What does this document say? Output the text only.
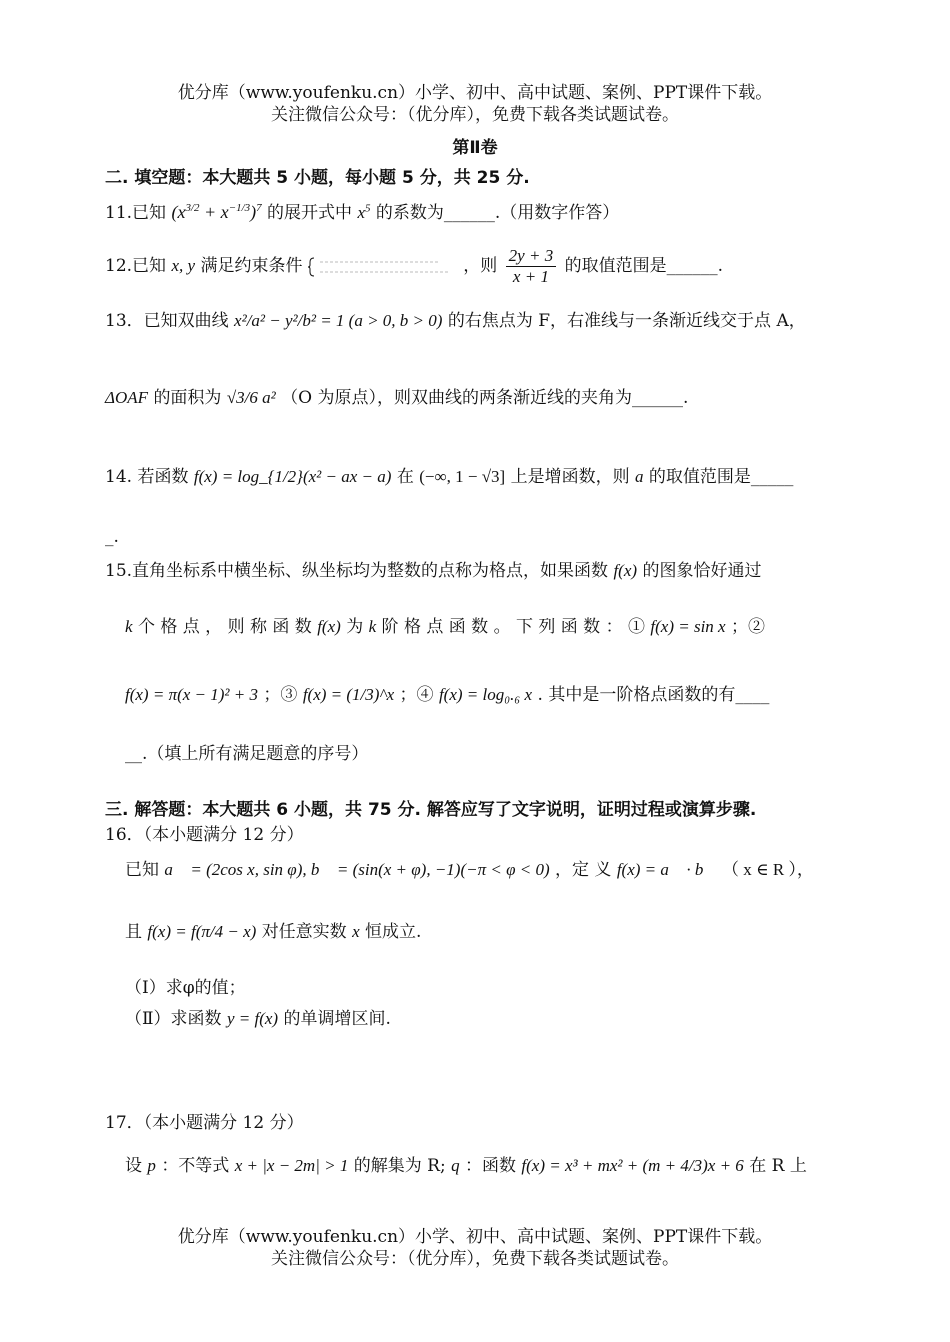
优分库（www.youfenku.cn）小学、初中、高中试题、案例、PPT课件下载。
关注微信公众号：（优分库），免费下载各类试题试卷。
第Ⅱ卷
二. 填空题：本大题共 5 小题，每小题 5 分，共 25 分.
11.已知 $(x^{3/2} + x^{-1/3})^7$ 的展开式中 $x^5$ 的系数为______.（用数字作答）
12.已知 x, y 满足约束条件	，则 $\frac{2y + 3}{x + 1}$ 的取值范围是______.
13．已知双曲线 x²/a² − y²/b² = 1 (a > 0, b > 0) 的右焦点为 F，右准线与一条渐近线交于点 A，
ΔOAF 的面积为 √3/6 a² （O 为原点），则双曲线的两条渐近线的夹角为______.
14. 若函数 f(x) = log_{1/2}(x² − ax − a) 在 (−∞, 1 − √3] 上是增函数，则 a 的取值范围是_____
_.
15.直角坐标系中横坐标、纵坐标均为整数的点称为格点，如果函数 f(x) 的图象恰好通过
k 个 格 点 ， 则 称 函 数 f(x) 为 k 阶 格 点 函 数 。 下 列 函 数 ： ① f(x) = sin x ；②
f(x) = π(x − 1)² + 3 ；③ f(x) = (1/3)^x ；④ f(x) = log₀.₆ x . 其中是一阶格点函数的有____
__.（填上所有满足题意的序号）
三. 解答题：本大题共 6 小题，共 75 分. 解答应写了文字说明，证明过程或演算步骤.
16．（本小题满分 12 分）
已知 a⃗ = (2cos x, sin φ), b⃗ = (sin(x + φ), −1)(−π < φ < 0) ，定 义 f(x) = a⃗ · b⃗ （ x ∈ R ），
且 f(x) = f(π/4 − x) 对任意实数 x 恒成立.
（Ⅰ）求φ的值；
（Ⅱ）求函数 y = f(x) 的单调增区间.
17．（本小题满分 12 分）
设 p ：不等式 x + |x − 2m| > 1 的解集为 R; q ：函数 f(x) = x³ + mx² + (m + 4/3)x + 6 在 R 上
优分库（www.youfenku.cn）小学、初中、高中试题、案例、PPT课件下载。
关注微信公众号：（优分库），免费下载各类试题试卷。
